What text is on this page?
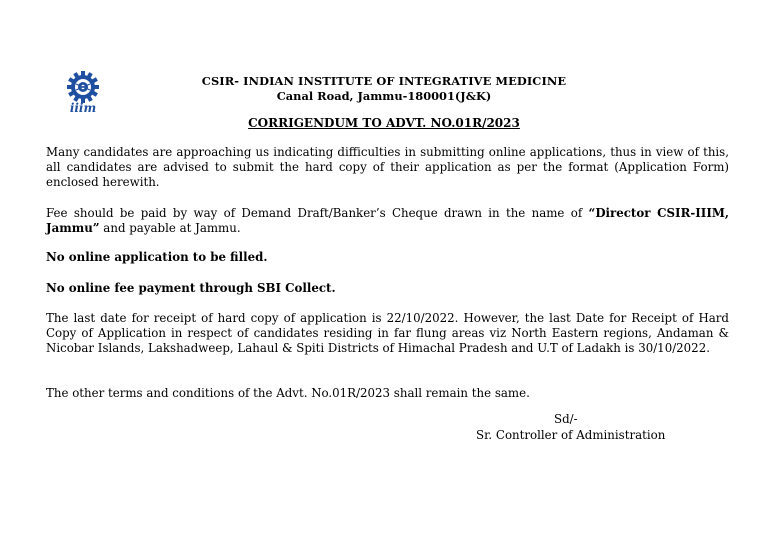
iiim
CSIR- INDIAN INSTITUTE OF INTEGRATIVE MEDICINE
Canal Road, Jammu-180001(J&K)
CORRIGENDUM TO ADVT. NO.01R/2023

Many candidates are approaching us indicating difficulties in submitting online applications, thus in view of this, all candidates are advised to submit the hard copy of their application as per the format (Application Form) enclosed herewith.

Fee should be paid by way of Demand Draft/Banker’s Cheque drawn in the name of “Director CSIR-IIIM, Jammu” and payable at Jammu.

No online application to be filled.

No online fee payment through SBI Collect.

The last date for receipt of hard copy of application is 22/10/2022. However, the last Date for Receipt of Hard Copy of Application in respect of candidates residing in far flung areas viz North Eastern regions, Andaman & Nicobar Islands, Lakshadweep, Lahaul & Spiti Districts of Himachal Pradesh and U.T of Ladakh is 30/10/2022.

The other terms and conditions of the Advt. No.01R/2023 shall remain the same.

Sd/-
Sr. Controller of Administration
